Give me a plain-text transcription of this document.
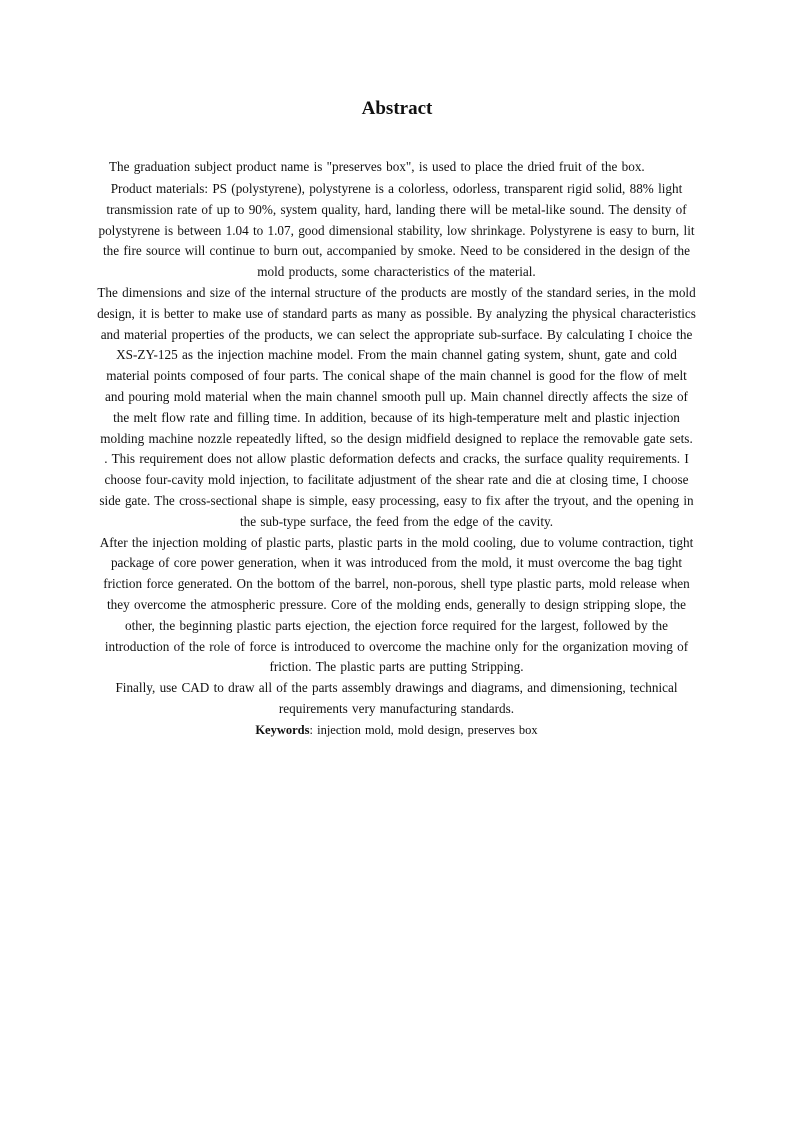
Abstract

The graduation subject product name is "preserves box", is used to place the dried fruit of the box.

Product materials: PS (polystyrene), polystyrene is a colorless, odorless, transparent rigid solid, 88% light transmission rate of up to 90%, system quality, hard, landing there will be metal-like sound. The density of polystyrene is between 1.04 to 1.07, good dimensional stability, low shrinkage. Polystyrene is easy to burn, lit the fire source will continue to burn out, accompanied by smoke. Need to be considered in the design of the mold products, some characteristics of the material.

The dimensions and size of the internal structure of the products are mostly of the standard series, in the mold design, it is better to make use of standard parts as many as possible. By analyzing the physical characteristics and material properties of the products, we can select the appropriate sub-surface. By calculating I choice the XS-ZY-125 as the injection machine model. From the main channel gating system, shunt, gate and cold material points composed of four parts. The conical shape of the main channel is good for the flow of melt and pouring mold material when the main channel smooth pull up. Main channel directly affects the size of the melt flow rate and filling time. In addition, because of its high-temperature melt and plastic injection molding machine nozzle repeatedly lifted, so the design midfield designed to replace the removable gate sets.

. This requirement does not allow plastic deformation defects and cracks, the surface quality requirements. I choose four-cavity mold injection, to facilitate adjustment of the shear rate and die at closing time, I choose side gate. The cross-sectional shape is simple, easy processing, easy to fix after the tryout, and the opening in the sub-type surface, the feed from the edge of the cavity.

After the injection molding of plastic parts, plastic parts in the mold cooling, due to volume contraction, tight package of core power generation, when it was introduced from the mold, it must overcome the bag tight friction force generated. On the bottom of the barrel, non-porous, shell type plastic parts, mold release when they overcome the atmospheric pressure. Core of the molding ends, generally to design stripping slope, the other, the beginning plastic parts ejection, the ejection force required for the largest, followed by the introduction of the role of force is introduced to overcome the machine only for the organization moving of friction. The plastic parts are putting Stripping.

Finally, use CAD to draw all of the parts assembly drawings and diagrams, and dimensioning, technical requirements very manufacturing standards.

Keywords: injection mold, mold design, preserves box
